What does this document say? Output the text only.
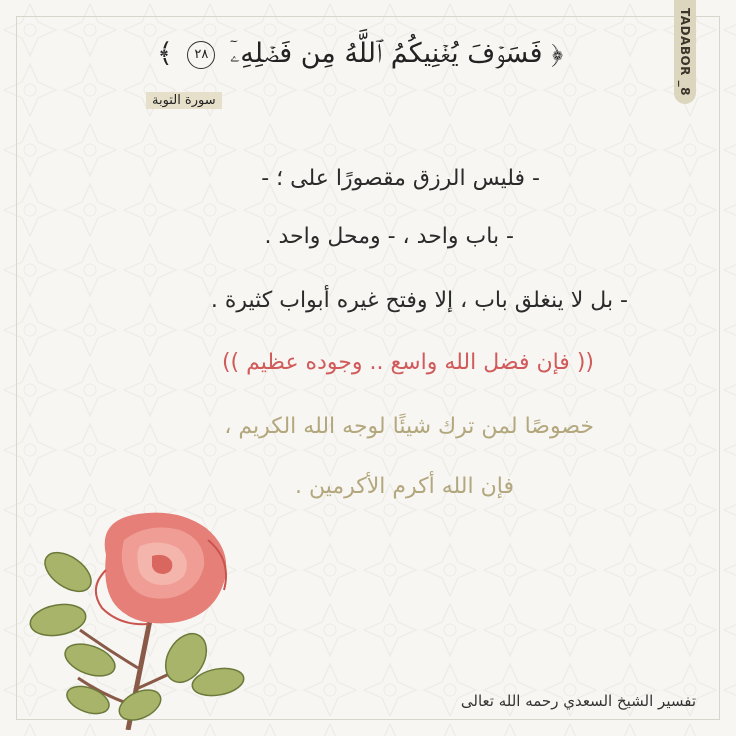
TADABOR _8
﴿ فَسَوۡفَ يُغۡنِيكُمُ ٱللَّهُ مِن فَضۡلِهِۦٓ ٢٨ ﴾
سورة التوبة
- فليس الرزق مقصورًا على ؛ -
- باب واحد ، - ومحل واحد .
- بل لا ينغلق باب ، إلا وفتح غيره أبواب كثيرة .
(( فإن فضل الله واسع .. وجوده عظيم ))
خصوصًا لمن ترك شيئًا لوجه الله الكريم ،
فإن الله أكرم الأكرمين .
تفسير الشيخ السعدي رحمه الله تعالى
